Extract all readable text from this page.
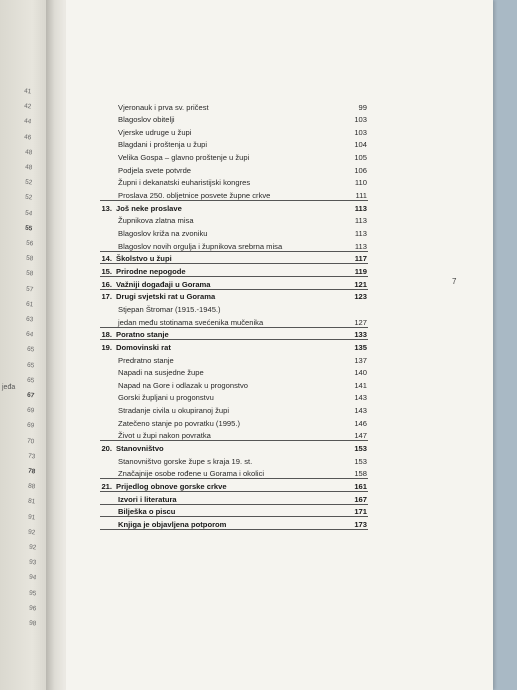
41
42
44
46
48
48
52
52
54
55
56
58
58
57
61
63
64
65
65
65
67
69
69
70
73
78
88
81
91
92
92
93
94
95
96
98
jeđa
Vjeronauk i prva sv. pričest	99
Blagoslov obitelji	103
Vjerske udruge u župi	103
Blagdani i proštenja u župi	104
Velika Gospa – glavno proštenje u župi	105
Podjela svete potvrde	106
Župni i dekanatski euharistijski kongres	110
Proslava 250. obljetnice posvete župne crkve	111
13. Još neke proslave	113
Župnikova zlatna misa	113
Blagoslov križa na zvoniku	113
Blagoslov novih orgulja i župnikova srebrna misa	113
14. Školstvo u župi	117
15. Prirodne nepogode	119
16. Važniji događaji u Gorama	121
17. Drugi svjetski rat u Gorama	123
Stjepan Štromar (1915.-1945.)
jedan među stotinama svećenika mučenika	127
18. Poratno stanje	133
19. Domovinski rat	135
Predratno stanje	137
Napadi na susjedne župe	140
Napad na Gore i odlazak u progonstvo	141
Gorski župljani u progonstvu	143
Stradanje civila u okupiranoj župi	143
Zatečeno stanje po povratku (1995.)	146
Život u župi nakon povratka	147
20. Stanovništvo	153
Stanovništvo gorske župe s kraja 19. st.	153
Značajnije osobe rođene u Gorama i okolici	158
21. Prijedlog obnove gorske crkve	161
Izvori i literatura	167
Bilješka o piscu	171
Knjiga je objavljena potporom	173
7
